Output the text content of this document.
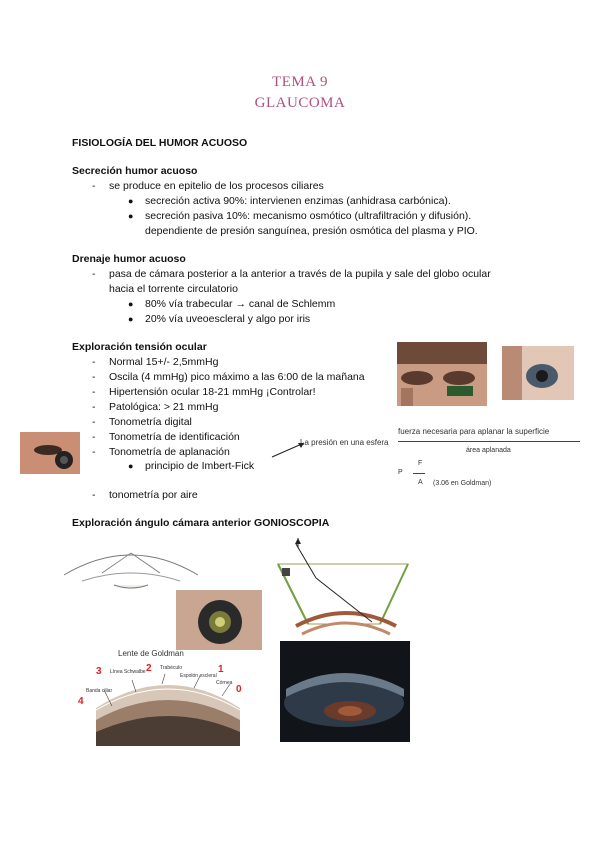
TEMA 9
GLAUCOMA
FISIOLOGÍA DEL HUMOR ACUOSO
Secreción humor acuoso
- se produce en epitelio de los procesos ciliares
● secreción activa 90%: intervienen enzimas (anhidrasa carbónica).
● secreción pasiva 10%: mecanismo osmótico (ultrafiltración y difusión).
dependiente de presión sanguínea, presión osmótica del plasma y PIO.
Drenaje humor acuoso
- pasa de cámara posterior a la anterior a través de la pupila y sale del globo ocular
hacia el torrente circulatorio
● 80% vía trabecular → canal de Schlemm
● 20% vía uveoescleral y algo por iris
Exploración tensión ocular
- Normal 15+/- 2,5mmHg
- Oscila (4 mmHg) pico máximo a las 6:00 de la mañana
- Hipertensión ocular 18-21 mmHg ¡Controlar!
- Patológica: > 21 mmHg
- Tonometría digital
- Tonometría de identificación
- Tonometría de aplanación
● principio de Imbert-Fick
- tonometría por aire
La presión en una esfera
fuerza necesaria para aplanar la superficie
área aplanada
F
P
A (3.06 en Goldman)
Exploración ángulo cámara anterior GONIOSCOPIA
Lente de Goldman
Línea Schwalbe
Trabéculo
Espolón escleral
Banda ciliar
Córnea
0
1
2
3
4
